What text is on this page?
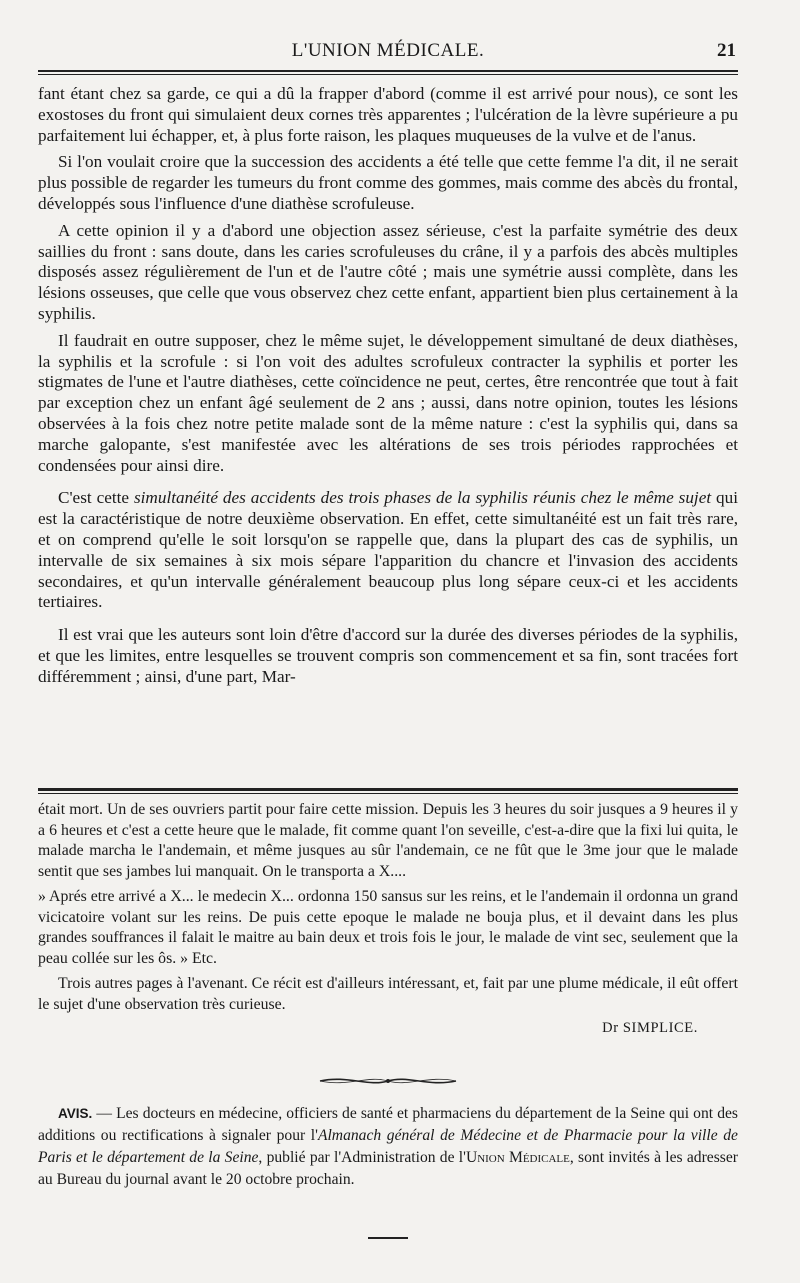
L'UNION MÉDICALE.	21

fant étant chez sa garde, ce qui a dû la frapper d'abord (comme il est arrivé pour nous), ce sont les exostoses du front qui simulaient deux cornes très apparentes ; l'ulcération de la lèvre supérieure a pu parfaitement lui échapper, et, à plus forte raison, les plaques muqueuses de la vulve et de l'anus.

Si l'on voulait croire que la succession des accidents a été telle que cette femme l'a dit, il ne serait plus possible de regarder les tumeurs du front comme des gommes, mais comme des abcès du frontal, développés sous l'influence d'une diathèse scrofuleuse.

A cette opinion il y a d'abord une objection assez sérieuse, c'est la parfaite symétrie des deux saillies du front : sans doute, dans les caries scrofuleuses du crâne, il y a parfois des abcès multiples disposés assez régulièrement de l'un et de l'autre côté ; mais une symétrie aussi complète, dans les lésions osseuses, que celle que vous observez chez cette enfant, appartient bien plus certainement à la syphilis.

Il faudrait en outre supposer, chez le même sujet, le développement simultané de deux diathèses, la syphilis et la scrofule : si l'on voit des adultes scrofuleux contracter la syphilis et porter les stigmates de l'une et l'autre diathèses, cette coïncidence ne peut, certes, être rencontrée que tout à fait par exception chez un enfant âgé seulement de 2 ans ; aussi, dans notre opinion, toutes les lésions observées à la fois chez notre petite malade sont de la même nature : c'est la syphilis qui, dans sa marche galopante, s'est manifestée avec les altérations de ses trois périodes rapprochées et condensées pour ainsi dire.

C'est cette simultanéité des accidents des trois phases de la syphilis réunis chez le même sujet qui est la caractéristique de notre deuxième observation. En effet, cette simultanéité est un fait très rare, et on comprend qu'elle le soit lorsqu'on se rappelle que, dans la plupart des cas de syphilis, un intervalle de six semaines à six mois sépare l'apparition du chancre et l'invasion des accidents secondaires, et qu'un intervalle généralement beaucoup plus long sépare ceux-ci et les accidents tertiaires.

Il est vrai que les auteurs sont loin d'être d'accord sur la durée des diverses périodes de la syphilis, et que les limites, entre lesquelles se trouvent compris son commencement et sa fin, sont tracées fort différemment ; ainsi, d'une part, Mar-

était mort. Un de ses ouvriers partit pour faire cette mission. Depuis les 3 heures du soir jusques a 9 heures il y a 6 heures et c'est a cette heure que le malade, fit comme quant l'on seveille, c'est-a-dire que la fixi lui quita, le malade marcha le l'andemain, et même jusques au sûr l'andemain, ce ne fût que le 3me jour que le malade sentit que ses jambes lui manquait. On le transporta a X....

» Aprés etre arrivé a X... le medecin X... ordonna 150 sansus sur les reins, et le l'andemain il ordonna un grand vicicatoire volant sur les reins. De puis cette epoque le malade ne bouja plus, et il devaint dans les plus grandes souffrances il falait le maitre au bain deux et trois fois le jour, le malade de vint sec, seulement que la peau collée sur les ôs. » Etc.

Trois autres pages à l'avenant. Ce récit est d'ailleurs intéressant, et, fait par une plume médicale, il eût offert le sujet d'une observation très curieuse.

Dr SIMPLICE.

AVIS. — Les docteurs en médecine, officiers de santé et pharmaciens du département de la Seine qui ont des additions ou rectifications à signaler pour l'Almanach général de Médecine et de Pharmacie pour la ville de Paris et le département de la Seine, publié par l'Administration de l'Union Médicale, sont invités à les adresser au Bureau du journal avant le 20 octobre prochain.
